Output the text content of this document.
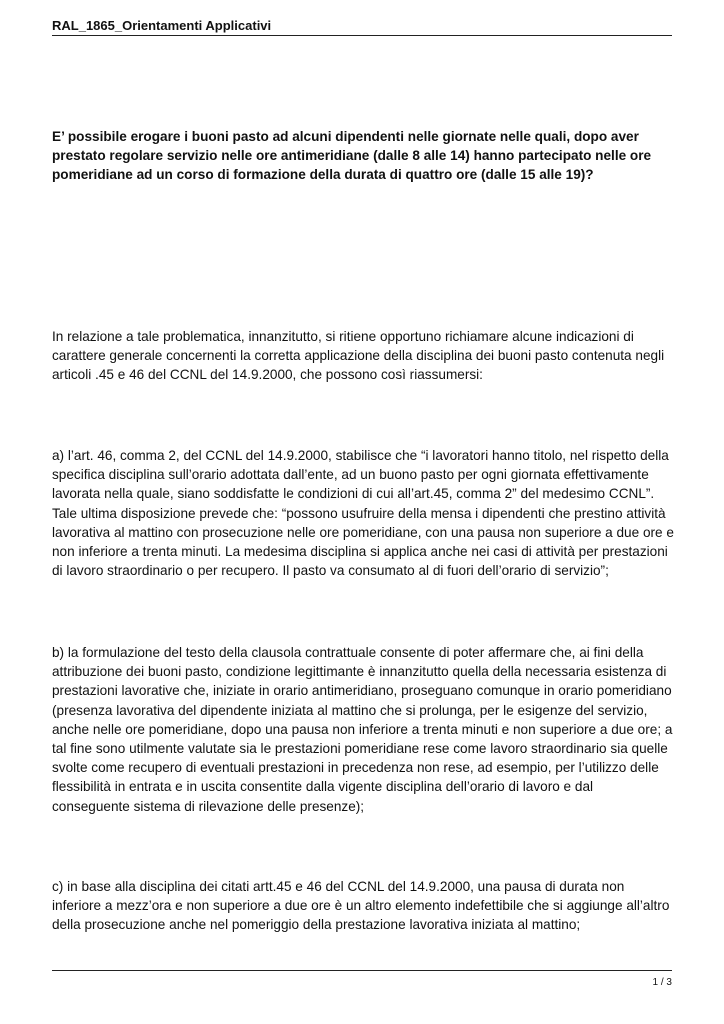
RAL_1865_Orientamenti Applicativi

E’ possibile erogare i buoni pasto ad alcuni dipendenti nelle giornate nelle quali, dopo aver prestato regolare servizio nelle ore antimeridiane (dalle 8 alle 14) hanno partecipato nelle ore pomeridiane ad un corso di formazione della durata di quattro ore (dalle 15 alle 19)?

In relazione a tale problematica, innanzitutto, si ritiene opportuno richiamare alcune indicazioni di carattere generale concernenti la corretta applicazione della disciplina dei buoni pasto contenuta negli articoli .45 e 46 del CCNL del 14.9.2000, che possono così riassumersi:

a) l’art. 46, comma 2, del CCNL del 14.9.2000, stabilisce che “i lavoratori hanno titolo, nel rispetto della specifica disciplina sull’orario adottata dall’ente, ad un buono pasto per ogni giornata effettivamente lavorata nella quale, siano soddisfatte le condizioni di cui all’art.45, comma 2” del medesimo CCNL”. Tale ultima disposizione prevede che: “possono usufruire della mensa i dipendenti che prestino attività lavorativa al mattino con prosecuzione nelle ore pomeridiane, con una pausa non superiore a due ore e non inferiore a trenta minuti. La medesima disciplina si applica anche nei casi di attività per prestazioni di lavoro straordinario o per recupero. Il pasto va consumato al di fuori dell’orario di servizio”;

b) la formulazione del testo della clausola contrattuale consente di poter affermare che, ai fini della attribuzione dei buoni pasto, condizione legittimante è innanzitutto quella della necessaria esistenza di prestazioni lavorative che, iniziate in orario antimeridiano, proseguano comunque in orario pomeridiano (presenza lavorativa del dipendente iniziata al mattino che si prolunga, per le esigenze del servizio, anche nelle ore pomeridiane, dopo una pausa non inferiore a trenta minuti e non superiore a due ore; a tal fine sono utilmente valutate sia le prestazioni pomeridiane rese come lavoro straordinario sia quelle svolte come recupero di eventuali prestazioni in precedenza non rese, ad esempio, per l’utilizzo delle flessibilità in entrata e in uscita consentite dalla vigente disciplina dell’orario di lavoro e dal conseguente sistema di rilevazione delle presenze);

c) in base alla disciplina dei citati artt.45 e 46 del CCNL del 14.9.2000, una pausa di durata non inferiore a mezz’ora e non superiore a due ore è un altro elemento indefettibile che si aggiunge all’altro della prosecuzione anche nel pomeriggio della prestazione lavorativa iniziata al mattino;

1 / 3
